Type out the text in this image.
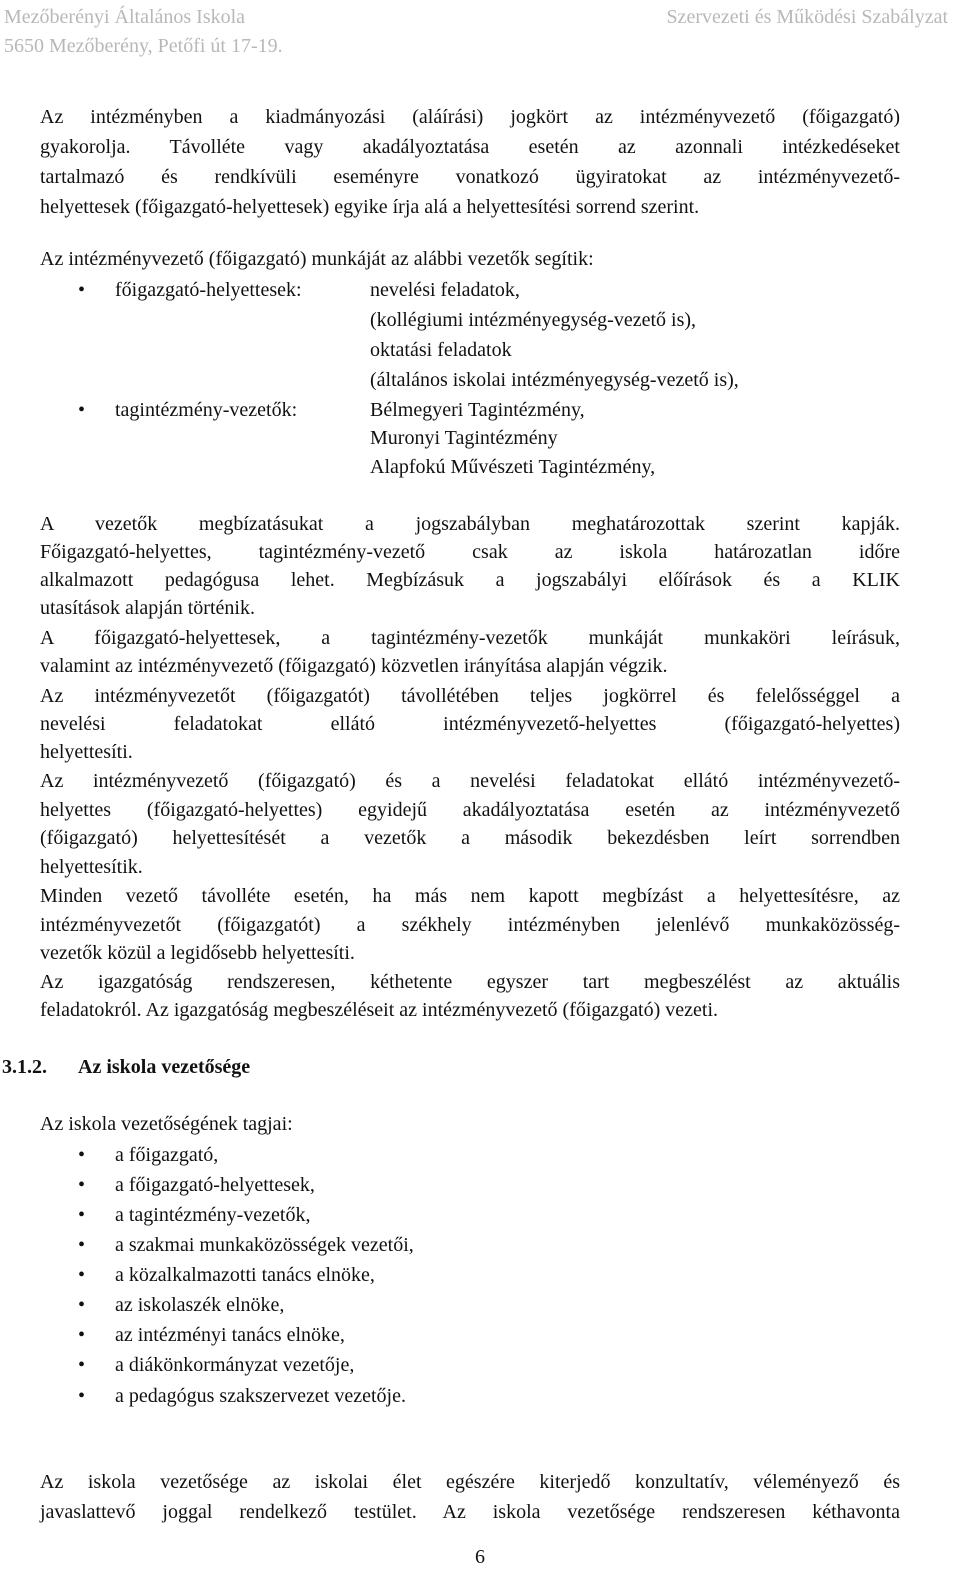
Mezőberényi Általános Iskola
5650 Mezőberény, Petőfi út 17-19.
Szervezeti és Működési Szabályzat
Az intézményben a kiadmányozási (aláírási) jogkört az intézményvezető (főigazgató)
gyakorolja. Távolléte vagy akadályoztatása esetén az azonnali intézkedéseket
tartalmazó és rendkívüli eseményre vonatkozó ügyiratokat az intézményvezető-
helyettesek (főigazgató-helyettesek) egyike írja alá a helyettesítési sorrend szerint.
Az intézményvezető (főigazgató) munkáját az alábbi vezetők segítik:
• főigazgató-helyettesek:	nevelési feladatok,
(kollégiumi intézményegység-vezető is),
oktatási feladatok
(általános iskolai intézményegység-vezető is),
• tagintézmény-vezetők:	Bélmegyeri Tagintézmény,
Muronyi Tagintézmény
Alapfokú Művészeti Tagintézmény,
A vezetők megbízatásukat a jogszabályban meghatározottak szerint kapják.
Főigazgató-helyettes, tagintézmény-vezető csak az iskola határozatlan időre
alkalmazott pedagógusa lehet. Megbízásuk a jogszabályi előírások és a KLIK
utasítások alapján történik.
A főigazgató-helyettesek, a tagintézmény-vezetők munkáját munkaköri leírásuk,
valamint az intézményvezető (főigazgató) közvetlen irányítása alapján végzik.
Az intézményvezetőt (főigazgatót) távollétében teljes jogkörrel és felelősséggel a
nevelési feladatokat ellátó intézményvezető-helyettes (főigazgató-helyettes)
helyettesíti.
Az intézményvezető (főigazgató) és a nevelési feladatokat ellátó intézményvezető-
helyettes (főigazgató-helyettes) egyidejű akadályoztatása esetén az intézményvezető
(főigazgató) helyettesítését a vezetők a második bekezdésben leírt sorrendben
helyettesítik.
Minden vezető távolléte esetén, ha más nem kapott megbízást a helyettesítésre, az
intézményvezetőt (főigazgatót) a székhely intézményben jelenlévő munkaközösség-
vezetők közül a legidősebb helyettesíti.
Az igazgatóság rendszeresen, kéthetente egyszer tart megbeszélést az aktuális
feladatokról. Az igazgatóság megbeszéléseit az intézményvezető (főigazgató) vezeti.
3.1.2. Az iskola vezetősége
Az iskola vezetőségének tagjai:
• a főigazgató,
• a főigazgató-helyettesek,
• a tagintézmény-vezetők,
• a szakmai munkaközösségek vezetői,
• a közalkalmazotti tanács elnöke,
• az iskolaszék elnöke,
• az intézményi tanács elnöke,
• a diákönkormányzat vezetője,
• a pedagógus szakszervezet vezetője.
Az iskola vezetősége az iskolai élet egészére kiterjedő konzultatív, véleményező és
javaslattevő joggal rendelkező testület. Az iskola vezetősége rendszeresen kéthavonta
6
